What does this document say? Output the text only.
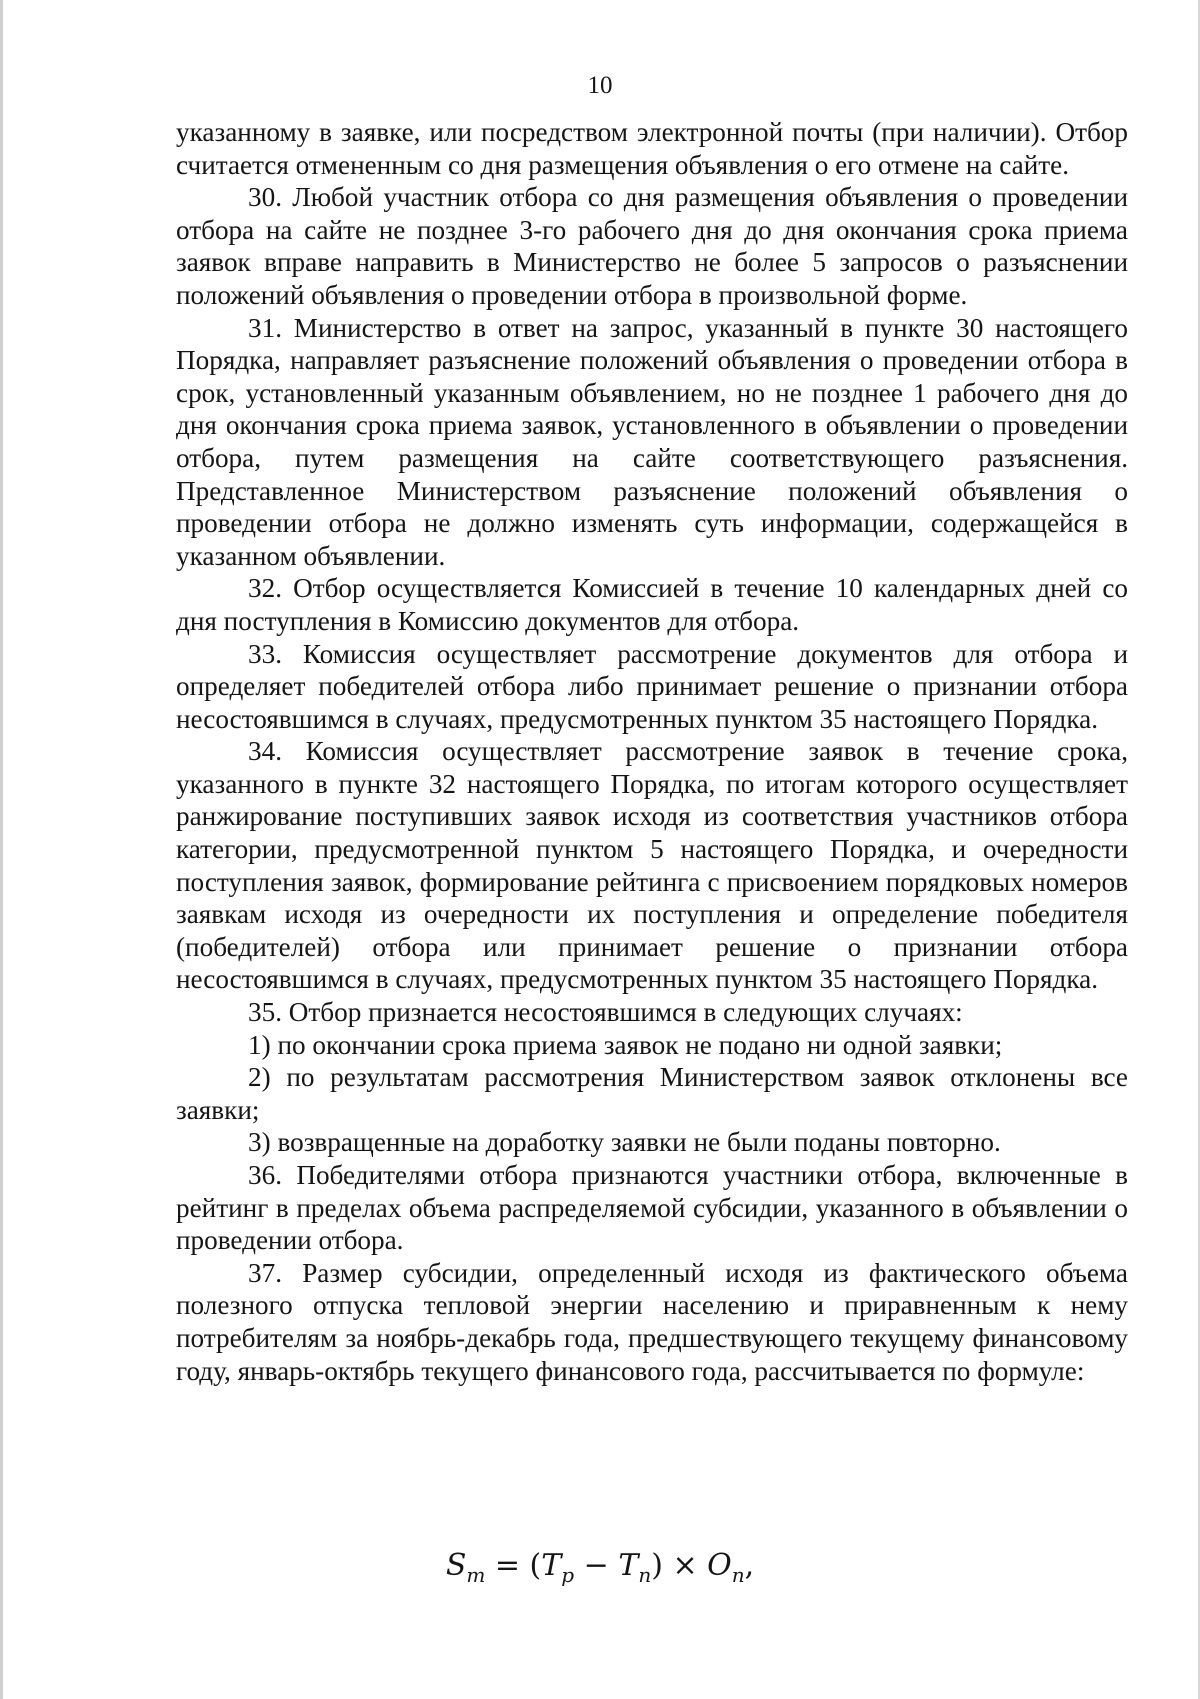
10

указанному в заявке, или посредством электронной почты (при наличии). Отбор считается отмененным со дня размещения объявления о его отмене на сайте.

30. Любой участник отбора со дня размещения объявления о проведении отбора на сайте не позднее 3-го рабочего дня до дня окончания срока приема заявок вправе направить в Министерство не более 5 запросов о разъяснении положений объявления о проведении отбора в произвольной форме.

31. Министерство в ответ на запрос, указанный в пункте 30 настоящего Порядка, направляет разъяснение положений объявления о проведении отбора в срок, установленный указанным объявлением, но не позднее 1 рабочего дня до дня окончания срока приема заявок, установленного в объявлении о проведении отбора, путем размещения на сайте соответствующего разъяснения. Представленное Министерством разъяснение положений объявления о проведении отбора не должно изменять суть информации, содержащейся в указанном объявлении.

32. Отбор осуществляется Комиссией в течение 10 календарных дней со дня поступления в Комиссию документов для отбора.

33. Комиссия осуществляет рассмотрение документов для отбора и определяет победителей отбора либо принимает решение о признании отбора несостоявшимся в случаях, предусмотренных пунктом 35 настоящего Порядка.

34. Комиссия осуществляет рассмотрение заявок в течение срока, указанного в пункте 32 настоящего Порядка, по итогам которого осуществляет ранжирование поступивших заявок исходя из соответствия участников отбора категории, предусмотренной пунктом 5 настоящего Порядка, и очередности поступления заявок, формирование рейтинга с присвоением порядковых номеров заявкам исходя из очередности их поступления и определение победителя (победителей) отбора или принимает решение о признании отбора несостоявшимся в случаях, предусмотренных пунктом 35 настоящего Порядка.

35. Отбор признается несостоявшимся в следующих случаях:

1) по окончании срока приема заявок не подано ни одной заявки;

2) по результатам рассмотрения Министерством заявок отклонены все заявки;

3) возвращенные на доработку заявки не были поданы повторно.

36. Победителями отбора признаются участники отбора, включенные в рейтинг в пределах объема распределяемой субсидии, указанного в объявлении о проведении отбора.

37. Размер субсидии, определенный исходя из фактического объема полезного отпуска тепловой энергии населению и приравненным к нему потребителям за ноябрь-декабрь года, предшествующего текущему финансовому году, январь-октябрь текущего финансового года, рассчитывается по формуле:

$S_m = (T_p - T_n) \times O_n$,
